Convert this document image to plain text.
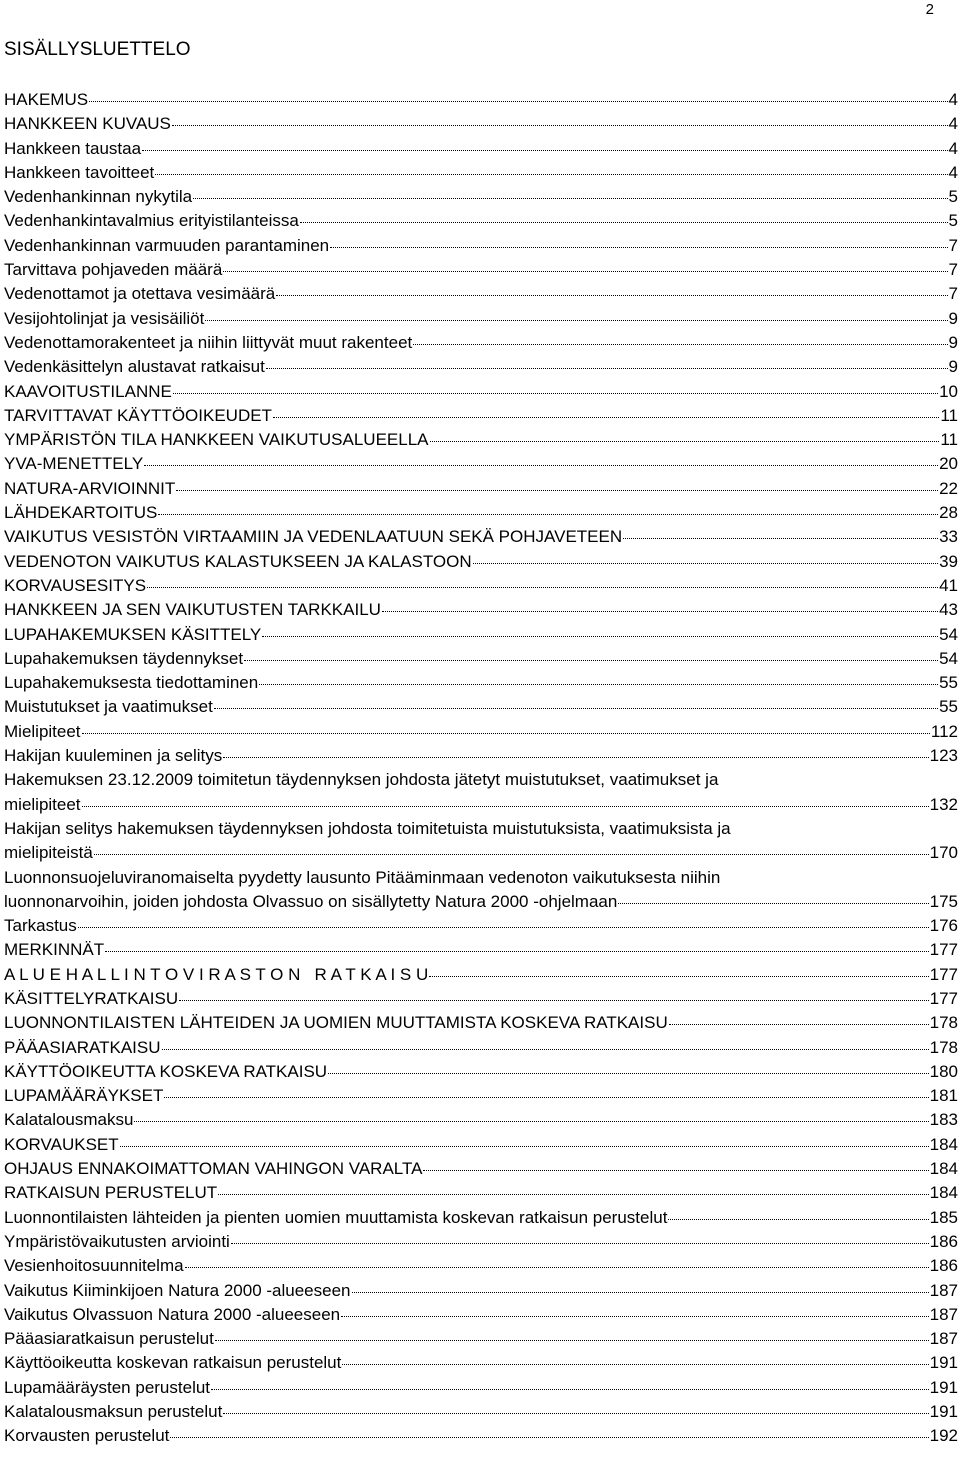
2
SISÄLLYSLUETTELO
HAKEMUS	4
HANKKEEN KUVAUS	4
Hankkeen taustaa	4
Hankkeen tavoitteet	4
Vedenhankinnan nykytila	5
Vedenhankintavalmius erityistilanteissa	5
Vedenhankinnan varmuuden parantaminen	7
Tarvittava pohjaveden määrä	7
Vedenottamot ja otettava vesimäärä	7
Vesijohtolinjat ja vesisäiliöt	9
Vedenottamorakenteet ja niihin liittyvät muut rakenteet	9
Vedenkäsittelyn alustavat ratkaisut	9
KAAVOITUSTILANNE	10
TARVITTAVAT KÄYTTÖOIKEUDET	11
YMPÄRISTÖN TILA HANKKEEN VAIKUTUSALUEELLA	11
YVA-MENETTELY	20
NATURA-ARVIOINNIT	22
LÄHDEKARTOITUS	28
VAIKUTUS VESISTÖN VIRTAAMIIN JA VEDENLAATUUN SEKÄ POHJAVETEEN	33
VEDENOTON VAIKUTUS KALASTUKSEEN JA KALASTOON	39
KORVAUSESITYS	41
HANKKEEN JA SEN VAIKUTUSTEN TARKKAILU	43
LUPAHAKEMUKSEN KÄSITTELY	54
Lupahakemuksen täydennykset	54
Lupahakemuksesta tiedottaminen	55
Muistutukset ja vaatimukset	55
Mielipiteet	112
Hakijan kuuleminen ja selitys	123
Hakemuksen 23.12.2009 toimitetun täydennyksen johdosta jätetyt muistutukset, vaatimukset ja
mielipiteet	132
Hakijan selitys hakemuksen täydennyksen johdosta toimitetuista muistutuksista, vaatimuksista ja
mielipiteistä	170
Luonnonsuojeluviranomaiselta pyydetty lausunto Pitääminmaan vedenoton vaikutuksesta niihin
luonnonarvoihin, joiden johdosta Olvassuo on sisällytetty Natura 2000 -ohjelmaan	175
Tarkastus	176
MERKINNÄT	177
A L U E H A L L I N T O V I R A S T O N   R A T K A I S U	177
KÄSITTELYRATKAISU	177
LUONNONTILAISTEN LÄHTEIDEN JA UOMIEN MUUTTAMISTA KOSKEVA RATKAISU	178
PÄÄASIARATKAISU	178
KÄYTTÖOIKEUTTA KOSKEVA RATKAISU	180
LUPAMÄÄRÄYKSET	181
Kalatalousmaksu	183
KORVAUKSET	184
OHJAUS ENNAKOIMATTOMAN VAHINGON VARALTA	184
RATKAISUN PERUSTELUT	184
Luonnontilaisten lähteiden ja pienten uomien muuttamista koskevan ratkaisun perustelut	185
Ympäristövaikutusten arviointi	186
Vesienhoitosuunnitelma	186
Vaikutus Kiiminkijoen Natura 2000 -alueeseen	187
Vaikutus Olvassuon Natura 2000 -alueeseen	187
Pääasiaratkaisun perustelut	187
Käyttöoikeutta koskevan ratkaisun perustelut	191
Lupamääräysten perustelut	191
Kalatalousmaksun perustelut	191
Korvausten perustelut	192
